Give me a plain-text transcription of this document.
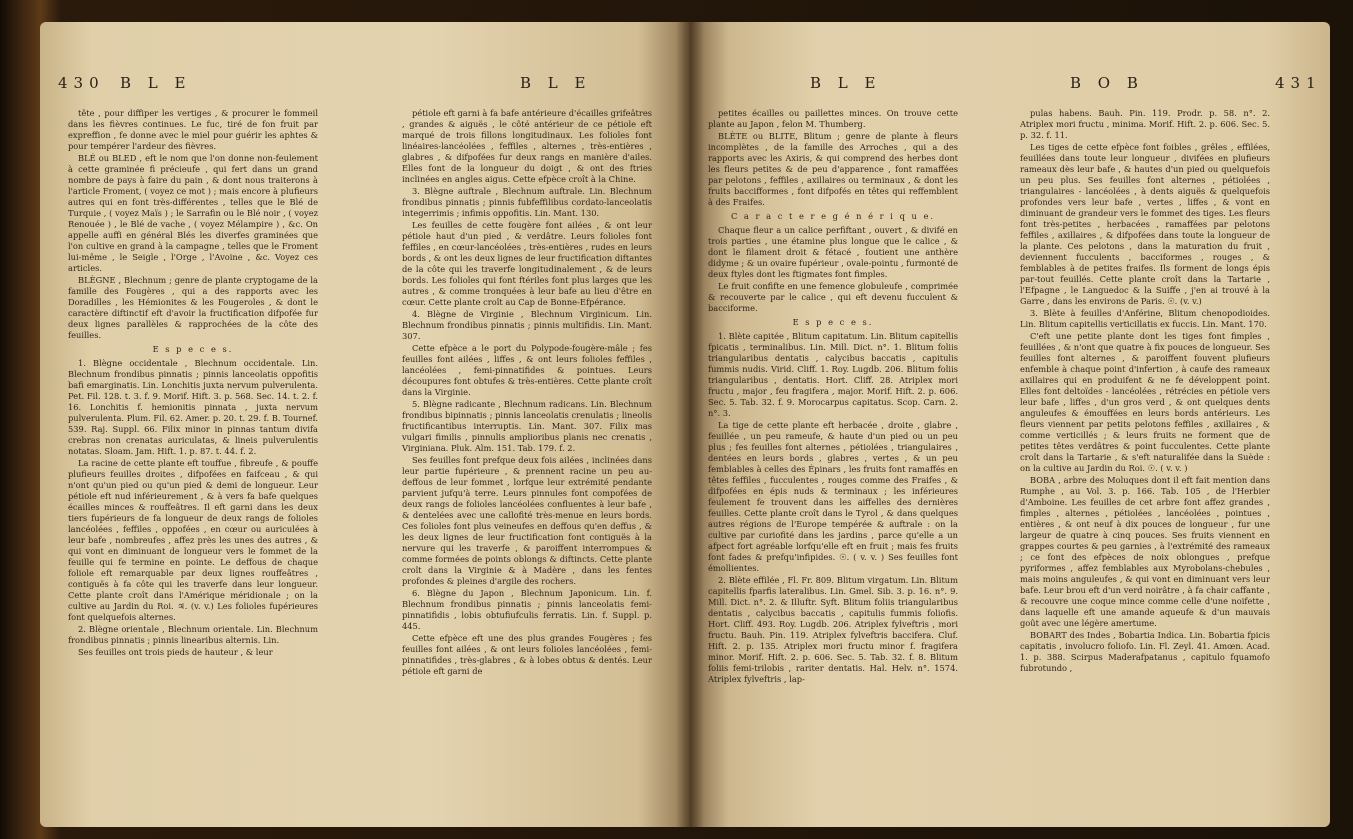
430 B L E	B L E

tête , pour diffiper les vertiges , & procurer le fommeil dans les fièvres continues. Le fuc, tiré de fon fruit par expreffion , fe donne avec le miel pour guérir les aphtes & pour tempérer l'ardeur des fièvres.

BLÉ ou BLED , eft le nom que l'on donne non-feulement à cette graminée fi précieufe , qui fert dans un grand nombre de pays à faire du pain , & dont nous traiterons à l'article Froment, ( voyez ce mot ) ; mais encore à plufieurs autres qui en font très-différentes , telles que le Blé de Turquie , ( voyez Maïs ) ; le Sarrafin ou le Blé noir , ( voyez Renouée ) , le Blé de vache , ( voyez Mélampire ) , &c. On appelle auffi en général Blés les diverfes graminées que l'on cultive en grand à la campagne , telles que le Froment lui-même , le Seigle , l'Orge , l'Avoine , &c. Voyez ces articles.

BLÈGNE , Blechnum ; genre de plante cryptogame de la famille des Fougères , qui a des rapports avec les Doradilles , les Hémionites & les Fougeroles , & dont le caractère diftinctif eft d'avoir la fructification difpofée fur deux lignes parallèles & rapprochées de la côte des feuilles.

E s p e c e s.

1. Blègne occidentale , Blechnum occidentale. Lin. Blechnum frondibus pinnatis ; pinnis lanceolatis oppofitis bafi emarginatis. Lin. Lonchitis juxta nervum pulverulenta. Pet. Fil. 128. t. 3. f. 9. Morif. Hift. 3. p. 568. Sec. 14. t. 2. f. 16. Lonchitis f. hemionitis pinnata , juxta nervum pulverulenta. Plum. Fil. 62. Amer. p. 20. t. 29. f. B. Tournef. 539. Raj. Suppl. 66. Filix minor in pinnas tantum divifa crebras non crenatas auriculatas, & lineis pulverulentis notatas. Sloam. Jam. Hift. 1. p. 87. t. 44. f. 2.

La racine de cette plante eft touffue , fibreufe , & pouffe plufieurs feuilles droites , difpofées en faifceau , & qui n'ont qu'un pied ou qu'un pied & demi de longueur. Leur pétiole eft nud inférieurement , & à vers fa bafe quelques écailles minces & rouffeâtres. Il eft garni dans les deux tiers fupérieurs de fa longueur de deux rangs de folioles lancéolées , feffiles , oppofées , en cœur ou auriculées à leur bafe , nombreufes , affez près les unes des autres , & qui vont en diminuant de longueur vers le fommet de la feuille qui fe termine en pointe. Le deffous de chaque foliole eft remarquable par deux lignes rouffeâtres , contiguës à fa côte qui les traverfe dans leur longueur. Cette plante croît dans l'Amérique méridionale ; on la cultive au Jardin du Roi. ♃. (v. v.) Les folioles fupérieures font quelquefois alternes.

2. Blègne orientale , Blechnum orientale. Lin. Blechnum frondibus pinnatis ; pinnis linearibus alternis. Lin.

Ses feuilles ont trois pieds de hauteur , & leur

pétiole eft garni à fa bafe antérieure d'écailles grifeâtres , grandes & aiguës , le côté antérieur de ce pétiole eft marqué de trois fillons longitudinaux. Les folioles font linéaires-lancéolées , feffiles , alternes , très-entières , glabres , & difpofées fur deux rangs en manière d'ailes. Elles font de la longueur du doigt , & ont des ftries inclinées en angles aigus. Cette efpèce croît à la Chine.

3. Blègne auftrale , Blechnum auftrale. Lin. Blechnum frondibus pinnatis ; pinnis fubfeffilibus cordato-lanceolatis integerrimis ; infimis oppofitis. Lin. Mant. 130.

Les feuilles de cette fougère font ailées , & ont leur pétiole haut d'un pied , & verdâtre. Leurs folioles font feffiles , en cœur-lancéolées , très-entières , rudes en leurs bords , & ont les deux lignes de leur fructification diftantes de la côte qui les traverfe longitudinalement , & de leurs bords. Les folioles qui font ftériles font plus larges que les autres , & comme tronquées à leur bafe au lieu d'être en cœur. Cette plante croît au Cap de Bonne-Efpérance.

4. Blègne de Virginie , Blechnum Virginicum. Lin. Blechnum frondibus pinnatis ; pinnis multifidis. Lin. Mant. 307.

Cette efpèce a le port du Polypode-fougère-mâle ; fes feuilles font ailées , liffes , & ont leurs folioles feffiles , lancéolées , femi-pinnatifides & pointues. Leurs découpures font obtufes & très-entières. Cette plante croît dans la Virginie.

5. Blègne radicante , Blechnum radicans. Lin. Blechnum frondibus bipinnatis ; pinnis lanceolatis crenulatis ; lineolis fructificantibus interruptis. Lin. Mant. 307. Filix mas vulgari fimilis , pinnulis amplioribus planis nec crenatis , Virginiana. Pluk. Alm. 151. Tab. 179. f. 2.

Ses feuilles font prefque deux fois ailées , inclinées dans leur partie fupérieure , & prennent racine un peu au-deffous de leur fommet , lorfque leur extrémité pendante parvient jufqu'à terre. Leurs pinnules font compofées de deux rangs de folioles lancéolées confluentes à leur bafe , & dentelées avec une callofité très-menue en leurs bords. Ces folioles font plus veineufes en deffous qu'en deffus , & les deux lignes de leur fructification font contiguës à la nervure qui les traverfe , & paroiffent interrompues & comme formées de points oblongs & diftincts. Cette plante croît dans la Virginie & à Madère , dans les fentes profondes & pleines d'argile des rochers.

6. Blègne du Japon , Blechnum Japonicum. Lin. f. Blechnum frondibus pinnatis ; pinnis lanceolatis femi-pinnatifidis , lobis obtufiufculis ferratis. Lin. f. Suppl. p. 445.

Cette efpèce eft une des plus grandes Fougères ; fes feuilles font ailées , & ont leurs folioles lancéolées , femi-pinnatifides , très-glabres , & à lobes obtus & dentés. Leur pétiole eft garni de

B L E	B O B	431

petites écailles ou paillettes minces. On trouve cette plante au Japon , felon M. Thumberg.

BLÈTE ou BLITE, Blitum ; genre de plante à fleurs incomplètes , de la famille des Arroches , qui a des rapports avec les Axiris, & qui comprend des herbes dont les fleurs petites & de peu d'apparence , font ramaffées par pelotons , feffiles , axillaires ou terminaux , & dont les fruits baccifformes , font difpofés en têtes qui reffemblent à des Fraifes.

C a r a c t e r e g é n é r i q u e.

Chaque fleur a un calice perfiftant , ouvert , & divifé en trois parties , une étamine plus longue que le calice , & dont le filament droit & fétacé , foutient une anthère didyme ; & un ovaire fupérieur , ovale-pointu , furmonté de deux ftyles dont les ftigmates font fimples.

Le fruit confifte en une femence globuleufe , comprimée & recouverte par le calice , qui eft devenu fucculent & bacciforme.

E s p e c e s.

1. Blète capitée , Blitum capitatum. Lin. Blitum capitellis fpicatis , terminalibus. Lin. Mill. Dict. n°. 1. Blitum foliis triangularibus dentatis , calycibus baccatis , capitulis fummis nudis. Virid. Cliff. 1. Roy. Lugdb. 206. Blitum foliis triangularibus , dentatis. Hort. Cliff. 28. Atriplex mori fructu , major , feu fragifera , major. Morif. Hift. 2. p. 606. Sec. 5. Tab. 32. f. 9. Morocarpus capitatus. Scop. Carn. 2. n°. 3.

La tige de cette plante eft herbacée , droite , glabre , feuillée , un peu rameufe, & haute d'un pied ou un peu plus ; fes feuilles font alternes , pétiolées , triangulaires , dentées en leurs bords , glabres , vertes , & un peu femblables à celles des Épinars , les fruits font ramaffés en têtes feffiles , fucculentes , rouges comme des Fraifes , & difpofées en épis nuds & terminaux ; les inférieures feulement fe trouvent dans les aiffelles des dernières feuilles. Cette plante croît dans le Tyrol , & dans quelques autres régions de l'Europe tempérée & auftrale : on la cultive par curiofité dans les jardins , parce qu'elle a un afpect fort agréable lorfqu'elle eft en fruit ; mais fes fruits font fades & prefqu'infipides. ☉. ( v. v. ) Ses feuilles font émollientes.

2. Blète effilée , Fl. Fr. 809. Blitum virgatum. Lin. Blitum capitellis fparfis lateralibus. Lin. Gmel. Sib. 3. p. 16. n°. 9. Mill. Dict. n°. 2. & Illuftr. Syft. Blitum foliis triangularibus dentatis , calycibus baccatis , capitulis fummis foliofis. Hort. Cliff. 493. Roy. Lugdb. 206. Atriplex fylveftris , mori fructu. Bauh. Pin. 119. Atriplex fylveftris baccifera. Cluf. Hift. 2. p. 135. Atriplex mori fructu minor f. fragifera minor. Morif. Hift. 2. p. 606. Sec. 5. Tab. 32. f. 8. Blitum foliis femi-trilobis , rariter dentatis. Hal. Helv. n°. 1574. Atriplex fylveftris , lap-

pulas habens. Bauh. Pin. 119. Prodr. p. 58. n°. 2. Atriplex mori fructu , minima. Morif. Hift. 2. p. 606. Sec. 5. p. 32. f. 11.

Les tiges de cette efpèce font foibles , grêles , effilées, feuillées dans toute leur longueur , divifées en plufieurs rameaux dès leur bafe , & hautes d'un pied ou quelquefois un peu plus. Ses feuilles font alternes , pétiolées , triangulaires - lancéolées , à dents aiguës & quelquefois profondes vers leur bafe , vertes , liffes , & vont en diminuant de grandeur vers le fommet des tiges. Les fleurs font très-petites , herbacées , ramaffées par pelotons feffiles , axillaires , & difpofées dans toute la longueur de la plante. Ces pelotons , dans la maturation du fruit , deviennent fucculents , bacciformes , rouges , & femblables à de petites fraifes. Ils forment de longs épis par-tout feuillés. Cette plante croît dans la Tartarie , l'Efpagne , le Languedoc & la Suiffe , j'en ai trouvé à la Garre , dans les environs de Paris. ☉. (v. v.)

3. Blète à feuilles d'Anférine, Blitum chenopodioides. Lin. Blitum capitellis verticillatis ex fuccis. Lin. Mant. 170.

C'eft une petite plante dont les tiges font fimples , feuillées , & n'ont que quatre à fix pouces de longueur. Ses feuilles font alternes , & paroiffent fouvent plufieurs enfemble à chaque point d'infertion , à caufe des rameaux axillaires qui en produifent & ne fe développent point. Elles font deltoïdes - lancéolées , rétrécies en pétiole vers leur bafe , liffes , d'un gros verd , & ont quelques dents anguleufes & émouffées en leurs bords antérieurs. Les fleurs viennent par petits pelotons feffiles , axillaires , & comme verticillés ; & leurs fruits ne forment que de petites têtes verdâtres & point fucculentes. Cette plante croît dans la Tartarie , & s'eft naturalifée dans la Suède : on la cultive au Jardin du Roi. ☉. ( v. v. )

BOBA , arbre des Moluques dont il eft fait mention dans Rumphe , au Vol. 3. p. 166. Tab. 105 , de l'Herbier d'Amboine. Les feuilles de cet arbre font affez grandes , fimples , alternes , pétiolées , lancéolées , pointues , entières , & ont neuf à dix pouces de longueur , fur une largeur de quatre à cinq pouces. Ses fruits viennent en grappes courtes & peu garnies , à l'extrémité des rameaux ; ce font des efpèces de noix oblongues , prefque pyriformes , affez femblables aux Myrobolans-chebules , mais moins anguleufes , & qui vont en diminuant vers leur bafe. Leur brou eft d'un verd noirâtre , à fa chair caffante , & recouvre une coque mince comme celle d'une noifette , dans laquelle eft une amande aqueufe & d'un mauvais goût avec une légère amertume.

BOBART des Indes , Bobartia Indica. Lin. Bobartia fpicis capitatis , involucro foliofo. Lin. Fl. Zeyl. 41. Amœn. Acad. 1. p. 388. Scirpus Maderafpatanus , capitulo fquamofo fubrotundo ,
